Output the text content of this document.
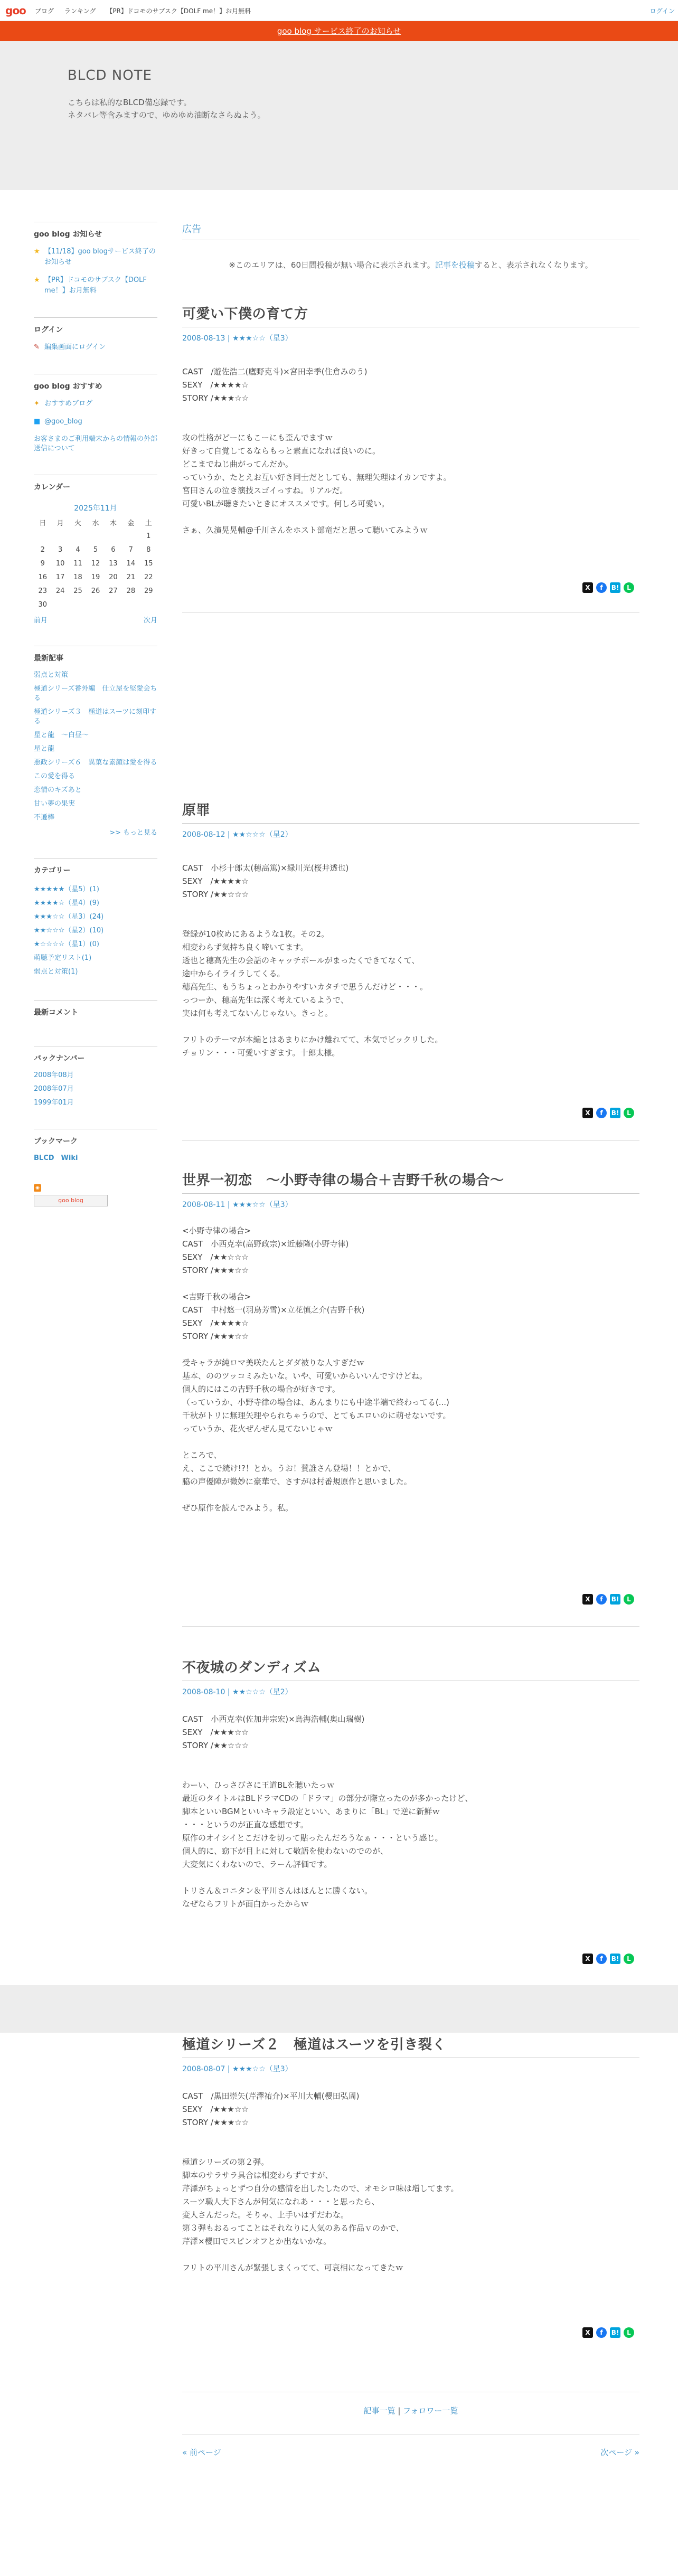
goo ブログ ランキング 【PR】ドコモのサブスク【DOLF me！】お月無料	ログイン
goo blog サービス終了のお知らせ
BLCD NOTE
こちらは私的なBLCD備忘録です。
ネタバレ等含みますので、ゆめゆめ油断なさらぬよう。
goo blog お知らせ
★ 【11/18】goo blogサービス終了のお知らせ
★ 【PR】ドコモのサブスク【DOLF me！】お月無料
ログイン
✎ 編集画面にログイン
goo blog おすすめ
✦ おすすめブログ
■ @goo_blog
お客さまのご利用端末からの情報の外部送信について
カレンダー
2025年11月
日	月	火	水	木	金	土
						1
2	3	4	5	6	7	8
9	10	11	12	13	14	15
16	17	18	19	20	21	22
23	24	25	26	27	28	29
30						
前月	次月
最新記事
弱点と対策
極道シリーズ番外編　仕立屋を堅愛会ちる
極道シリーズ３　極道はスーツに刻印する
星と龍　〜白昼〜
星と龍
悪政シリーズ６　異菓な素顔は愛を得る
この愛を得る
恋情のキズあと
甘い夢の果実
不遜棒
>> もっと見る
カテゴリー
★★★★★（星5）(1)
★★★★☆（星4）(9)
★★★☆☆（星3）(24)
★★☆☆☆（星2）(10)
★☆☆☆☆（星1）(0)
萌聴予定リスト(1)
弱点と対策(1)
最新コメント
バックナンバー
2008年08月
2008年07月
1999年01月
ブックマーク
BLCD　Wiki
◉
goo blog
広告
※このエリアは、60日間投稿が無い場合に表示されます。記事を投稿すると、表示されなくなります。
可愛い下僕の育て方
2008-08-13 | ★★★☆☆（星3）
CAST　/遊佐浩二(鷹野克斗)×宮田幸季(住倉みのう)
SEXY　/★★★★☆
STORY /★★★☆☆

攻の性格がどーにもこーにも歪んでますｗ
好きって自覚してるならもっと素直になれば良いのに。
どこまでねじ曲がってんだか。
っていうか、たとえお互い好き同士だとしても、無理矢理はイカンですよ。
宮田さんの泣き演技スゴイっすね。リアルだ。
可愛いBLが聴きたいときにオススメです。何しろ可愛い。

さぁ、久濱晃晃輔@千川さんをホスト部竜だと思って聴いてみようｗ
X	f	B!	L
原罪
2008-08-12 | ★★☆☆☆（星2）
CAST　小杉十郎太(穂高篤)×緑川光(桜井透也)
SEXY　/★★★★☆
STORY /★★☆☆☆

登録が10枚めにあるような1枚。その2。
相変わらず気持ち良く啼いてます。
透也と穂高先生の会話のキャッチボールがまったくできてなくて、
途中からイライラしてくる。
穂高先生、もうちょっとわかりやすいカタチで思うんだけど・・・。
っつーか、穂高先生は深く考えているようで、
実は何も考えてないんじゃない。きっと。

フリトのテーマが本編とはあまりにかけ離れてて、本気でビックリした。
チョリン・・・可愛いすぎます。十郎太様。
X	f	B!	L
世界一初恋　〜小野寺律の場合＋吉野千秋の場合〜
2008-08-11 | ★★★☆☆（星3）
<小野寺律の場合>
CAST　小西克幸(高野政宗)×近藤隆(小野寺律)
SEXY　/★★☆☆☆
STORY /★★★☆☆

<吉野千秋の場合>
CAST　中村悠一(羽鳥芳雪)×立花慎之介(吉野千秋)
SEXY　/★★★★☆
STORY /★★★☆☆

受キャラが純ロマ美咲たんとダダ被りな人すぎだｗ
基本、ののツッコミみたいな。いや、可愛いからいいんですけどね。
個人的にはこの吉野千秋の場合が好きです。
（っていうか、小野寺律の場合は、あんまりにも中途半端で終わってる(...)
千秋がトリに無理矢理やられちゃうので、とてもエロいのに萌せないです。
っていうか、花火ぜんぜん見てないじゃｗ

ところで、
え、ここで続け!?！とか。うお！賛誰さん登場！！とかで、
脇の声優陣が微妙に豪華で、さすがは村番規原作と思いました。

ぜひ原作を読んでみよう。私。
X	f	B!	L
不夜城のダンディズム
2008-08-10 | ★★☆☆☆（星2）
CAST　小西克幸(佐加井宗宏)×鳥海浩輔(奥山瑞樹)
SEXY　/★★★☆☆
STORY /★★☆☆☆

わーい、ひっさびさに王道BLを聴いたっｗ
最近のタイトルはBLドラマCDの「ドラマ」の部分が際立ったのが多かったけど、
脚本といいBGMといいキャラ設定といい、あまりに「BL」で逆に新鮮ｗ
・・・というのが正直な感想です。
原作のオイシイとこだけを切って貼ったんだろうなぁ・・・という感じ。
個人的に、窈下が目上に対して敬語を使わないのでのが、
大変気にくわないので、ラーん評価です。

トリさん＆コニタン＆平川さんはほんとに勝くない。
なぜならフリトが面白かったからｗ
X	f	B!	L
極道シリーズ２　極道はスーツを引き裂く
2008-08-07 | ★★★☆☆（星3）
CAST　/黒田崇矢(芹澤祐介)×平川大輔(櫻田弘周)
SEXY　/★★★☆☆
STORY /★★★☆☆

極道シリーズの第２弾。
脚本のサラサラ具合は相変わらずですが、
芹澤がちょっとずつ自分の感情を出したしたので、オモシロ味は増してます。
スーツ職人大下さんが何気になれあ・・・と思ったら、
変人さんだった。そりゃ、上手いはずだわな。
第３弾もおるってことはそれなりに人気のある作品ｖのかで、
芹澤×櫻田でスピンオフとか出ないかな。

フリトの平川さんが緊張しまくってて、可哀相になってきたｗ
X	f	B!	L
記事一覧 | フォロワー一覧
« 前ページ	次ページ »
